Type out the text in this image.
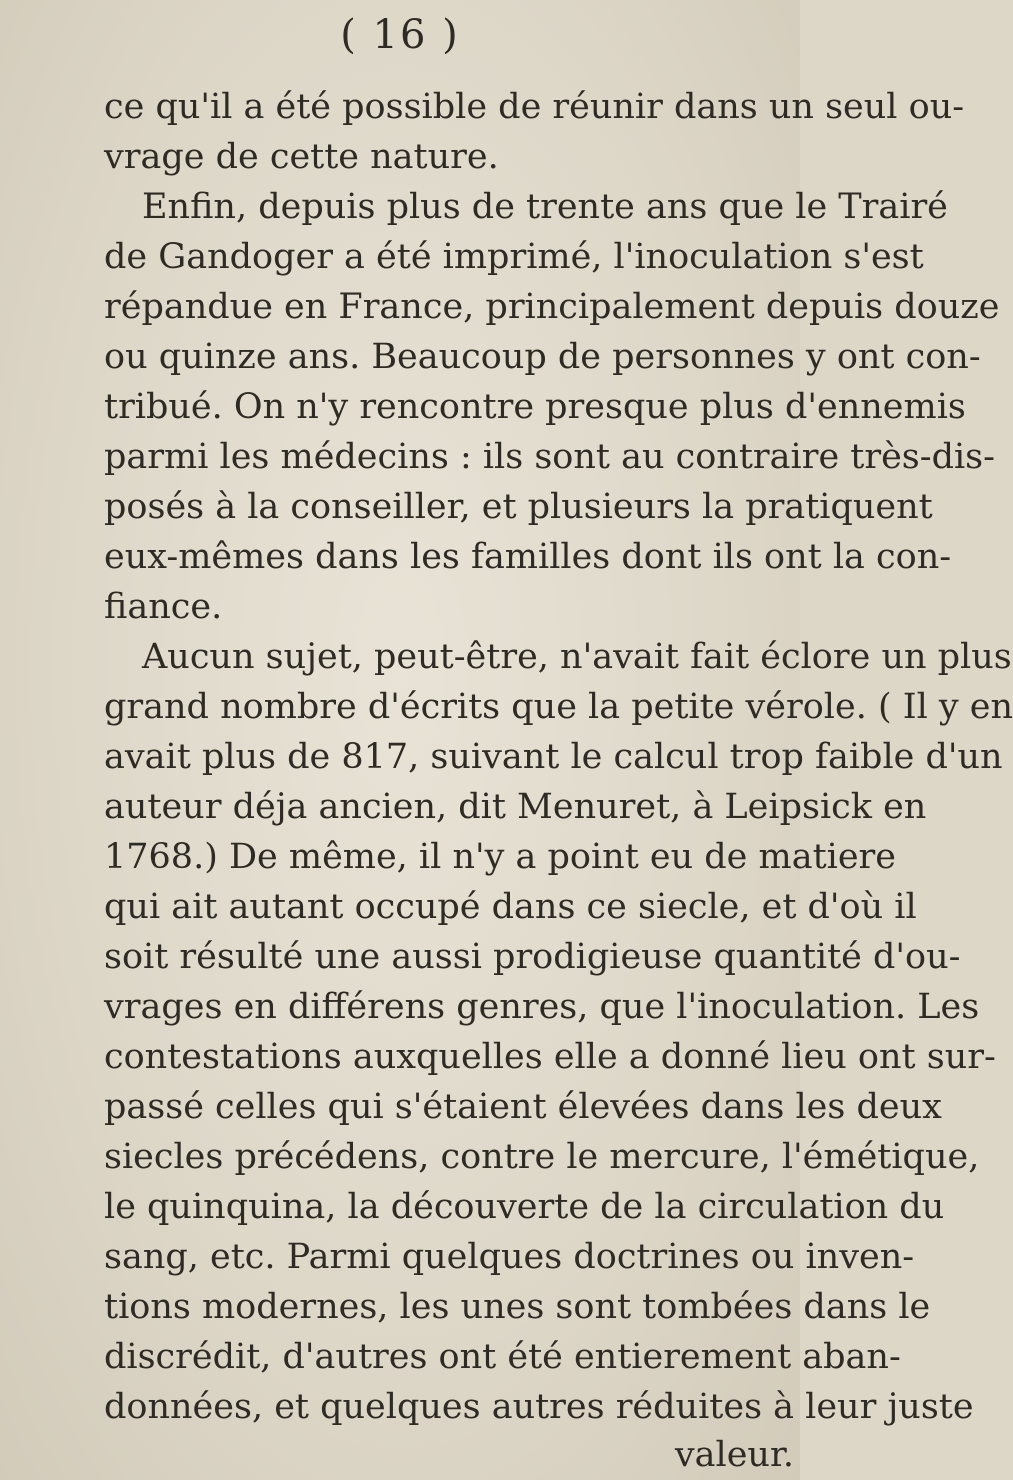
( 16 )
ce qu'il a été possible de réunir dans un seul ou-
vrage de cette nature.
Enfin, depuis plus de trente ans que le Trairé
de Gandoger a été imprimé, l'inoculation s'est
répandue en France, principalement depuis douze
ou quinze ans. Beaucoup de personnes y ont con-
tribué. On n'y rencontre presque plus d'ennemis
parmi les médecins : ils sont au contraire très-dis-
posés à la conseiller, et plusieurs la pratiquent
eux-mêmes dans les familles dont ils ont la con-
fiance.
Aucun sujet, peut-être, n'avait fait éclore un plus
grand nombre d'écrits que la petite vérole. ( Il y en
avait plus de 817, suivant le calcul trop faible d'un
auteur déja ancien, dit Menuret, à Leipsick en
1768.) De même, il n'y a point eu de matiere
qui ait autant occupé dans ce siecle, et d'où il
soit résulté une aussi prodigieuse quantité d'ou-
vrages en différens genres, que l'inoculation. Les
contestations auxquelles elle a donné lieu ont sur-
passé celles qui s'étaient élevées dans les deux
siecles précédens, contre le mercure, l'émétique,
le quinquina, la découverte de la circulation du
sang, etc. Parmi quelques doctrines ou inven-
tions modernes, les unes sont tombées dans le
discrédit, d'autres ont été entierement aban-
données, et quelques autres réduites à leur juste
valeur.
